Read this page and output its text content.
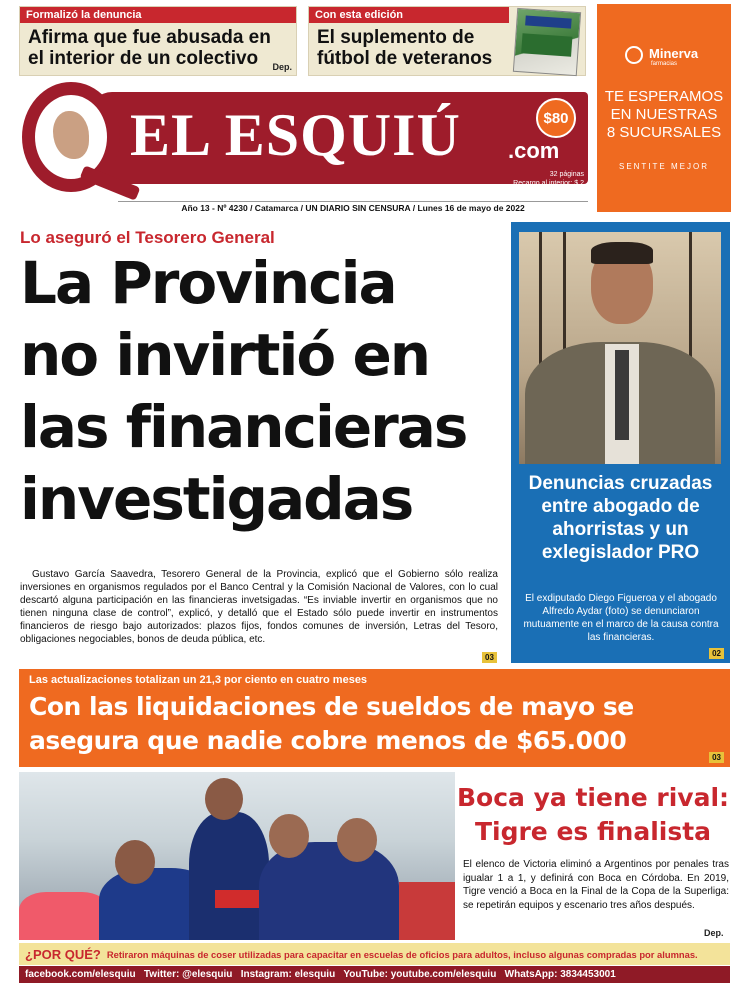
Formalizó la denuncia
Afirma que fue abusada en el interior de un colectivo	Dep.
Con esta edición
El suplemento de fútbol de veteranos	Minerva
farmacias
TE ESPERAMOS
EN NUESTRAS
8 SUCURSALES
SENTITE MEJOR
EL ESQUIÚ .com
$80
32 páginas
Recargo al interior: $ 2
Año 13 - Nº 4230 / Catamarca / UN DIARIO SIN CENSURA / Lunes 16 de mayo de 2022
Lo aseguró el Tesorero General
La Provincia
no invirtió en
las financieras
investigadas
Gustavo García Saavedra, Tesorero General de la Provincia, explicó que el Gobierno sólo realiza inversiones en organismos regulados por el Banco Central y la Comisión Nacional de Valores, con lo cual descartó alguna participación en las financieras invetsigadas. “Es inviable invertir en organismos que no tienen ninguna clase de control”, explicó, y detalló que el Estado sólo puede invertir en instrumentos financieros de riesgo bajo autorizados: plazos fijos, fondos comunes de inversión, Letras del Tesoro, obligaciones negociables, bonos de deuda pública, etc.
03
Denuncias cruzadas entre abogado de ahorristas y un exlegislador PRO
El exdiputado Diego Figueroa y el abogado Alfredo Aydar (foto) se denunciaron mutuamente en el marco de la causa contra las financieras.
02
Las actualizaciones totalizan un 21,3 por ciento en cuatro meses
Con las liquidaciones de sueldos de mayo se
asegura que nadie cobre menos de $65.000
03
Boca ya tiene rival:
Tigre es finalista
El elenco de Victoria eliminó a Argentinos por penales tras igualar 1 a 1, y definirá con Boca en Córdoba. En 2019, Tigre venció a Boca en la Final de la Copa de la Superliga: se repetirán equipos y escenario tres años después.
Dep.
¿POR QUÉ? Retiraron máquinas de coser utilizadas para capacitar en escuelas de oficios para adultos, incluso algunas compradas por alumnas.
facebook.com/elesquiu   Twitter: @elesquiu   Instagram: elesquiu   YouTube: youtube.com/elesquiu   WhatsApp: 3834453001
